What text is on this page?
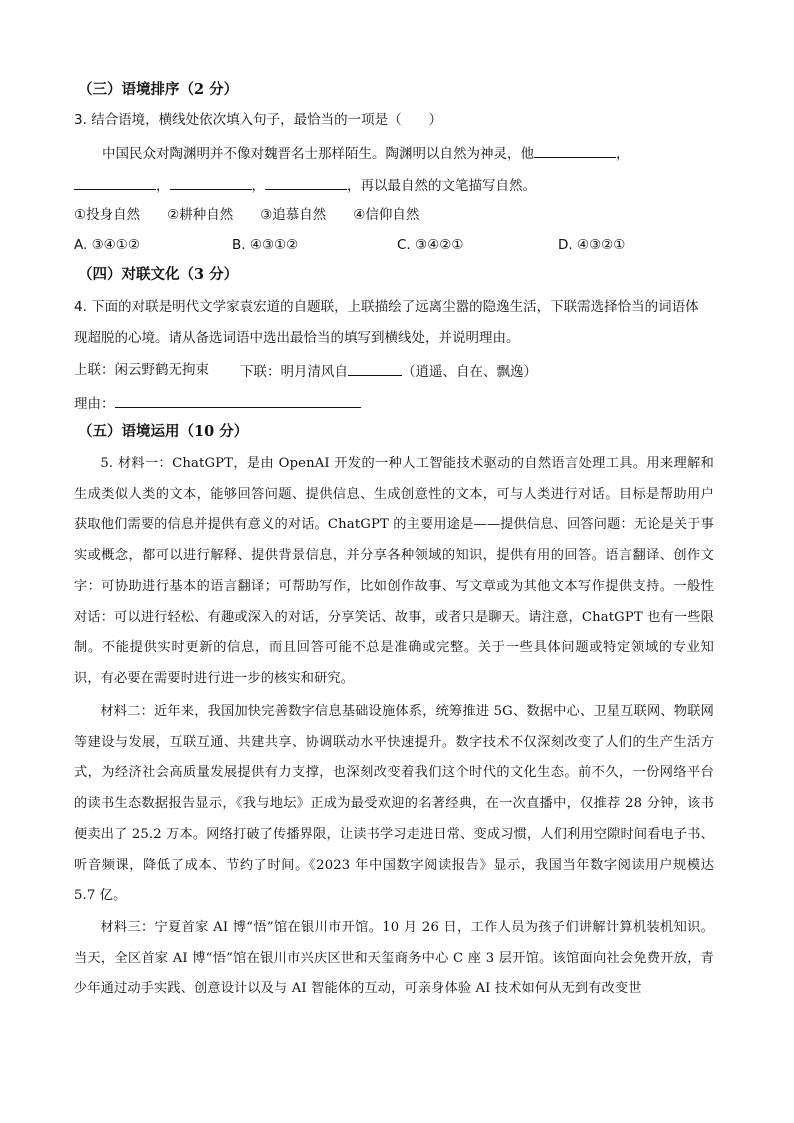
（三）语境排序（2 分）
3. 结合语境，横线处依次填入句子，最恰当的一项是（　　）
中国民众对陶渊明并不像对魏晋名士那样陌生。陶渊明以自然为神灵，他	，
，	，	，再以最自然的文笔描写自然。
①投身自然　　②耕种自然　　③追慕自然　　④信仰自然
A. ③④①②	B. ④③①②	C. ③④②①	D. ④③②①
（四）对联文化（3 分）
4. 下面的对联是明代文学家袁宏道的自题联，上联描绘了远离尘嚣的隐逸生活，下联需选择恰当的词语体
现超脱的心境。请从备选词语中选出最恰当的填写到横线处，并说明理由。
上联：闲云野鹤无拘束 下联：明月清风自	（逍遥、自在、飘逸）
理由：
（五）语境运用（10 分）
5. 材料一：ChatGPT，是由 OpenAI 开发的一种人工智能技术驱动的自然语言处理工具。用来理解和生成类似人类的文本，能够回答问题、提供信息、生成创意性的文本，可与人类进行对话。目标是帮助用户获取他们需要的信息并提供有意义的对话。ChatGPT 的主要用途是——提供信息、回答问题：无论是关于事实或概念，都可以进行解释、提供背景信息，并分享各种领域的知识，提供有用的回答。语言翻译、创作文字：可协助进行基本的语言翻译；可帮助写作，比如创作故事、写文章或为其他文本写作提供支持。一般性对话：可以进行轻松、有趣或深入的对话，分享笑话、故事，或者只是聊天。请注意，ChatGPT 也有一些限制。不能提供实时更新的信息，而且回答可能不总是准确或完整。关于一些具体问题或特定领域的专业知识，有必要在需要时进行进一步的核实和研究。
材料二：近年来，我国加快完善数字信息基础设施体系，统筹推进 5G、数据中心、卫星互联网、物联网等建设与发展，互联互通、共建共享、协调联动水平快速提升。数字技术不仅深刻改变了人们的生产生活方式，为经济社会高质量发展提供有力支撑，也深刻改变着我们这个时代的文化生态。前不久，一份网络平台的读书生态数据报告显示，《我与地坛》正成为最受欢迎的名著经典，在一次直播中，仅推荐 28 分钟，该书便卖出了 25.2 万本。网络打破了传播界限，让读书学习走进日常、变成习惯，人们利用空隙时间看电子书、听音频课，降低了成本、节约了时间。《2023 年中国数字阅读报告》显示，我国当年数字阅读用户规模达 5.7 亿。
材料三：宁夏首家 AI 博“悟”馆在银川市开馆。10 月 26 日，工作人员为孩子们讲解计算机装机知识。当天，全区首家 AI 博“悟”馆在银川市兴庆区世和天玺商务中心 C 座 3 层开馆。该馆面向社会免费开放，青少年通过动手实践、创意设计以及与 AI 智能体的互动，可亲身体验 AI 技术如何从无到有改变世
